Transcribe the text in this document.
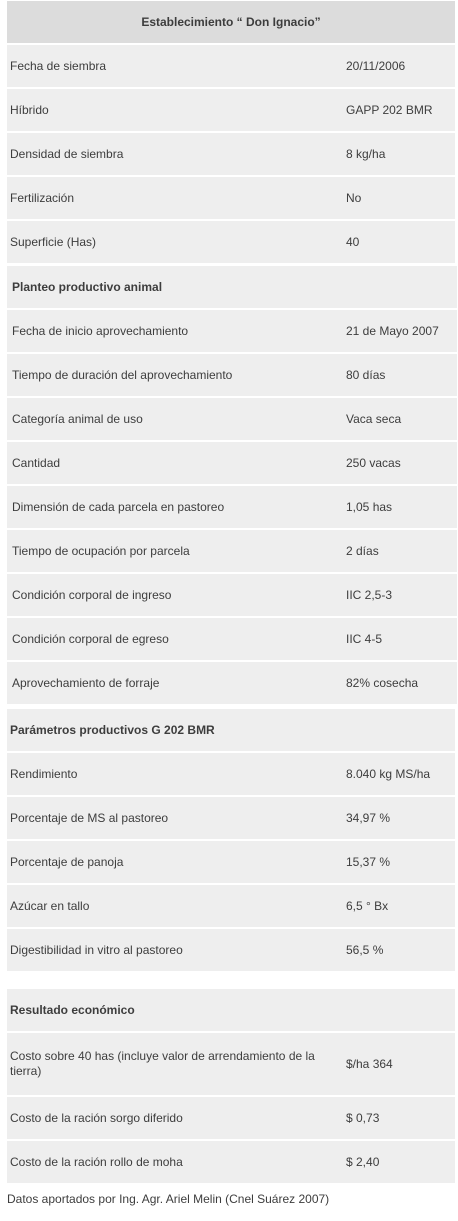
Establecimiento “ Don Ignacio”
Fecha de siembra	20/11/2006
Híbrido	GAPP 202 BMR
Densidad de siembra	8 kg/ha
Fertilización	No
Superficie (Has)	40
Planteo productivo animal
Fecha de inicio aprovechamiento	21 de Mayo 2007
Tiempo de duración del aprovechamiento	80 días
Categoría animal de uso	Vaca seca
Cantidad	250 vacas
Dimensión de cada parcela en pastoreo	1,05 has
Tiempo de ocupación por parcela	2 días
Condición corporal de ingreso	IIC 2,5-3
Condición corporal de egreso	IIC 4-5
Aprovechamiento de forraje	82% cosecha
Parámetros productivos G 202 BMR
Rendimiento	8.040 kg MS/ha
Porcentaje de MS al pastoreo	34,97 %
Porcentaje de panoja	15,37 %
Azúcar en tallo	6,5 ° Bx
Digestibilidad in vitro al pastoreo	56,5 %
Resultado económico
Costo sobre 40 has (incluye valor de arrendamiento de la tierra)	$/ha 364
Costo de la ración sorgo diferido	$ 0,73
Costo de la ración rollo de moha	$ 2,40
Datos aportados por Ing. Agr. Ariel Melin (Cnel Suárez 2007)
